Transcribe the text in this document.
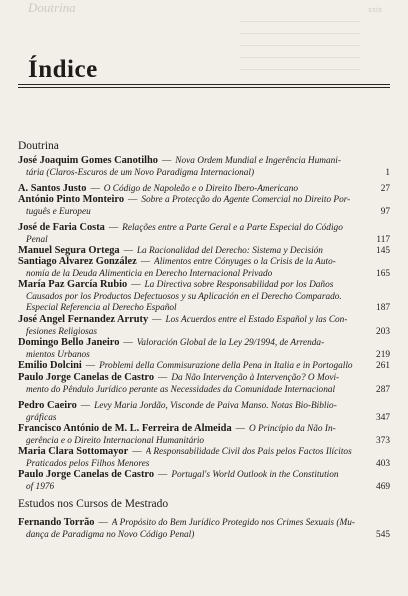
Doutrina	xxix
———————————————
———————————————
———————————————
———————————————
———————————————
— — — — — — — —
Índice
Doutrina
José Joaquim Gomes Canotilho — Nova Ordem Mundial e Ingerência Humani-
tária (Claros-Escuros de um Novo Paradigma Internacional)	1
A. Santos Justo — O Código de Napoleão e o Direito Ibero-Americano	27
António Pinto Monteiro — Sobre a Protecção do Agente Comercial no Direito Por-
tuguês e Europeu	97
José de Faria Costa — Relações entre a Parte Geral e a Parte Especial do Código
Penal	117
Manuel Segura Ortega — La Racionalidad del Derecho: Sistema y Decisión	145
Santiago Alvarez González — Alimentos entre Cónyuges o la Crisis de la Auto-
nomía de la Deuda Alimenticia en Derecho Internacional Privado	165
María Paz García Rubio — La Directiva sobre Responsabilidad por los Daños
Causados por los Productos Defectuosos y su Aplicación en el Derecho Comparado.
Especial Referencia al Derecho Español	187
José Angel Fernandez Arruty — Los Acuerdos entre el Estado Español y las Con-
fesiones Religiosas	203
Domingo Bello Janeiro — Valoración Global de la Ley 29/1994, de Arrenda-
mientos Urbanos	219
Emilio Dolcini — Problemi della Commisurazione della Pena in Italia e in Portogallo	261
Paulo Jorge Canelas de Castro — Da Não Intervenção à Intervenção? O Movi-
mento do Pêndulo Jurídico perante as Necessidades da Comunidade Internacional	287
Pedro Caeiro — Levy Maria Jordão, Visconde de Paiva Manso. Notas Bio-Biblio-
gráficas	347
Francisco António de M. L. Ferreira de Almeida — O Princípio da Não In-
gerência e o Direito Internacional Humanitário	373
Maria Clara Sottomayor — A Responsabilidade Civil dos Pais pelos Factos Ilícitos
Praticados pelos Filhos Menores	403
Paulo Jorge Canelas de Castro — Portugal's World Outlook in the Constitution
of 1976	469
Estudos nos Cursos de Mestrado
Fernando Torrão — A Propósito do Bem Jurídico Protegido nos Crimes Sexuais (Mu-
dança de Paradigma no Novo Código Penal)	545
